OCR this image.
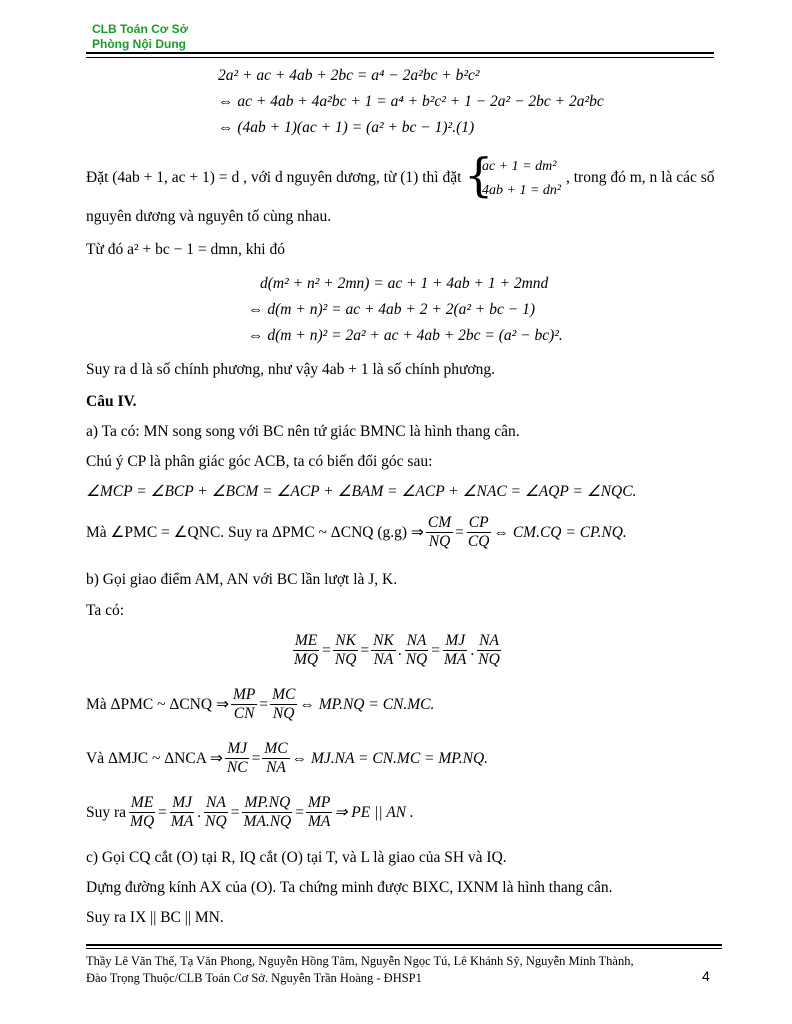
CLB Toán Cơ Sở
Phòng Nội Dung
2a² + ac + 4ab + 2bc = a⁴ − 2a²bc + b²c²
⇔ ac + 4ab + 4a²bc + 1 = a⁴ + b²c² + 1 − 2a² − 2bc + 2a²bc
⇔ (4ab + 1)(ac + 1) = (a² + bc − 1)².(1)
Đặt (4ab + 1, ac + 1) = d , với d nguyên dương, từ (1) thì đặt {
ac + 1 = dm²
4ab + 1 = dn²
, trong đó m, n là các số
nguyên dương và nguyên tố cùng nhau.
Từ đó a² + bc − 1 = dmn, khi đó
d(m² + n² + 2mn) = ac + 1 + 4ab + 1 + 2mnd
⇔ d(m + n)² = ac + 4ab + 2 + 2(a² + bc − 1)
⇔ d(m + n)² = 2a² + ac + 4ab + 2bc = (a² − bc)².
Suy ra d là số chính phương, như vậy 4ab + 1 là số chính phương.
Câu IV.
a) Ta có: MN song song với BC nên tứ giác BMNC là hình thang cân.
Chú ý CP là phân giác góc ACB, ta có biến đổi góc sau:
∠MCP = ∠BCP + ∠BCM = ∠ACP + ∠BAM = ∠ACP + ∠NAC = ∠AQP = ∠NQC.
Mà ∠PMC = ∠QNC. Suy ra ΔPMC ~ ΔCNQ (g.g) ⇒ $\frac{CM}{NQ} = \frac{CP}{CQ}$ ⇔ CM.CQ = CP.NQ.
b) Gọi giao điểm AM, AN với BC lần lượt là J, K.
Ta có:
$\frac{ME}{MQ} = \frac{NK}{NQ} = \frac{NK}{NA}$ . $\frac{NA}{NQ} = \frac{MJ}{MA}$ . $\frac{NA}{NQ}$
Mà ΔPMC ~ ΔCNQ ⇒ $\frac{MP}{CN} = \frac{MC}{NQ}$ ⇔ MP.NQ = CN.MC.
Và ΔMJC ~ ΔNCA ⇒ $\frac{MJ}{NC} = \frac{MC}{NA}$ ⇔ MJ.NA = CN.MC = MP.NQ.
Suy ra $\frac{ME}{MQ} = \frac{MJ}{MA}$ . $\frac{NA}{NQ} = \frac{MP.NQ}{MA.NQ} = \frac{MP}{MA}$ ⇒ PE || AN .
c) Gọi CQ cắt (O) tại R, IQ cắt (O) tại T, và L là giao của SH và IQ.
Dựng đường kính AX của (O). Ta chứng minh được BIXC, IXNM là hình thang cân.
Suy ra IX || BC || MN.
Thầy Lê Văn Thế, Tạ Văn Phong, Nguyễn Hồng Tâm, Nguyễn Ngọc Tú, Lê Khánh Sỹ, Nguyễn Minh Thành,
Đào Trọng Thuộc/CLB Toán Cơ Sở. Nguyễn Trần Hoàng - ĐHSP1	4
